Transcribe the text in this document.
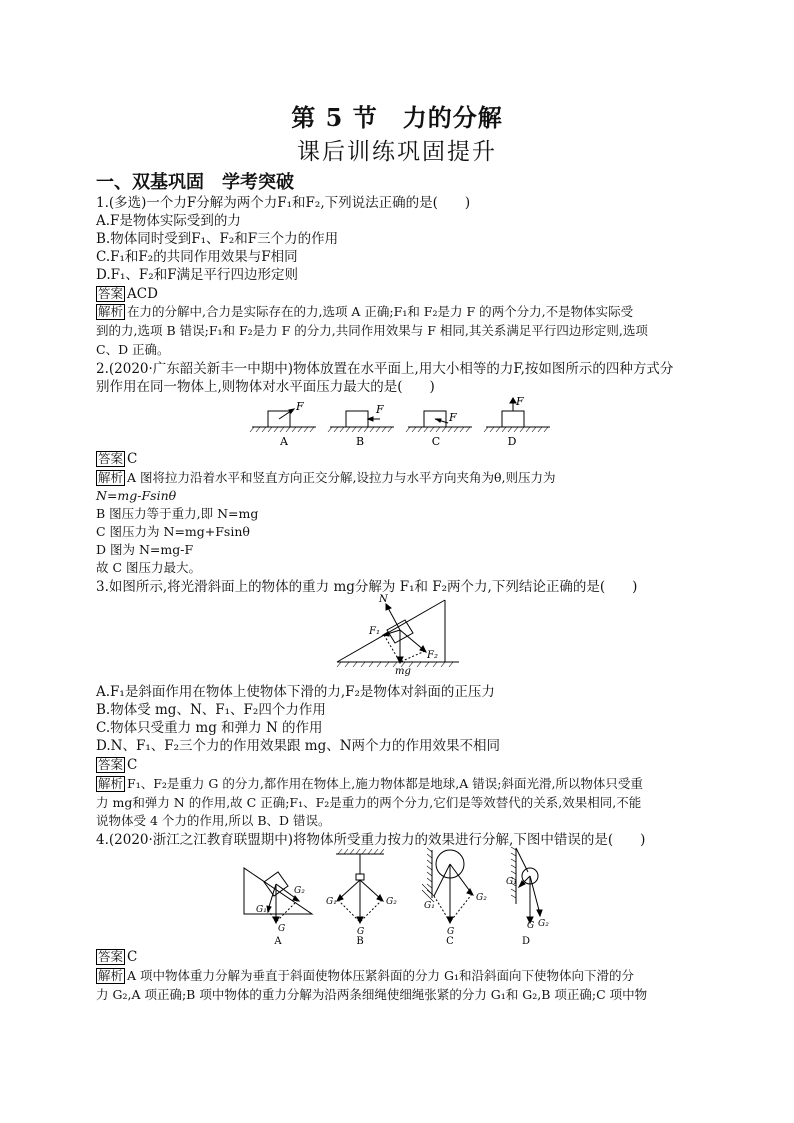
第 5 节　力的分解
课后训练巩固提升
一、双基巩固　学考突破
1.(多选)一个力F分解为两个力F₁和F₂,下列说法正确的是(　　)
A.F是物体实际受到的力
B.物体同时受到F₁、F₂和F三个力的作用
C.F₁和F₂的共同作用效果与F相同
D.F₁、F₂和F满足平行四边形定则
答案 ACD
解析 在力的分解中,合力是实际存在的力,选项 A 正确;F₁和 F₂是力 F 的两个分力,不是物体实际受
到的力,选项 B 错误;F₁和 F₂是力 F 的分力,共同作用效果与 F 相同,其关系满足平行四边形定则,选项
C、D 正确。
2.(2020·广东韶关新丰一中期中)物体放置在水平面上,用大小相等的力F,按如图所示的四种方式分
别作用在同一物体上,则物体对水平面压力最大的是(　　)
F	F
F
F
A	B	C	D
答案 C
解析 A 图将拉力沿着水平和竖直方向正交分解,设拉力与水平方向夹角为θ,则压力为
N=mg-Fsinθ
B 图压力等于重力,即 N=mg
C 图压力为 N=mg+Fsinθ
D 图为 N=mg-F
故 C 图压力最大。
3.如图所示,将光滑斜面上的物体的重力 mg分解为 F₁和 F₂两个力,下列结论正确的是(　　)
N
F₁
F₂
mg
A.F₁是斜面作用在物体上使物体下滑的力,F₂是物体对斜面的正压力
B.物体受 mg、N、F₁、F₂四个力作用
C.物体只受重力 mg 和弹力 N 的作用
D.N、F₁、F₂三个力的作用效果跟 mg、N两个力的作用效果不相同
答案 C
解析 F₁、F₂是重力 G 的分力,都作用在物体上,施力物体都是地球,A 错误;斜面光滑,所以物体只受重
力 mg和弹力 N 的作用,故 C 正确;F₁、F₂是重力的两个分力,它们是等效替代的关系,效果相同,不能
说物体受 4 个力的作用,所以 B、D 错误。
4.(2020·浙江之江教育联盟期中)将物体所受重力按力的效果进行分解,下图中错误的是(　　)
G₂
G₁
G
G₁	G₂
G
G₁
G₂
G
G₁
G G₂
A	B	C	D
答案 C
解析 A 项中物体重力分解为垂直于斜面使物体压紧斜面的分力 G₁和沿斜面向下使物体向下滑的分
力 G₂,A 项正确;B 项中物体的重力分解为沿两条细绳使细绳张紧的分力 G₁和 G₂,B 项正确;C 项中物
